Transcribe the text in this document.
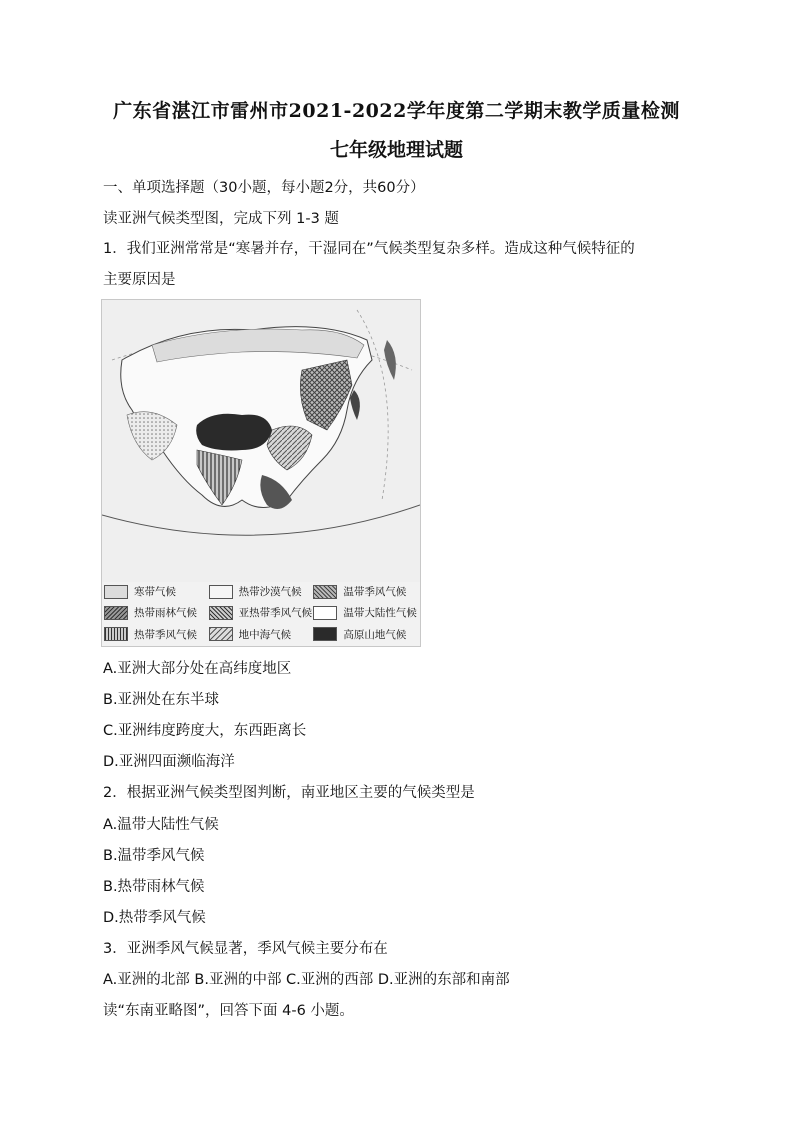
广东省湛江市雷州市2021-2022学年度第二学期末教学质量检测
七年级地理试题
一、单项选择题（30小题，每小题2分，共60分）
读亚洲气候类型图，完成下列 1-3 题
1．我们亚洲常常是“寒暑并存，干湿同在”气候类型复杂多样。造成这种气候特征的
主要原因是
寒带气候	热带沙漠气候	温带季风气候
热带雨林气候	亚热带季风气候	温带大陆性气候
热带季风气候	地中海气候	高原山地气候
A.亚洲大部分处在高纬度地区
B.亚洲处在东半球
C.亚洲纬度跨度大，东西距离长
D.亚洲四面濒临海洋
2．根据亚洲气候类型图判断，南亚地区主要的气候类型是
A.温带大陆性气候
B.温带季风气候
B.热带雨林气候
D.热带季风气候
3．亚洲季风气候显著，季风气候主要分布在
A.亚洲的北部 B.亚洲的中部 C.亚洲的西部 D.亚洲的东部和南部
读“东南亚略图”，回答下面 4-6 小题。
